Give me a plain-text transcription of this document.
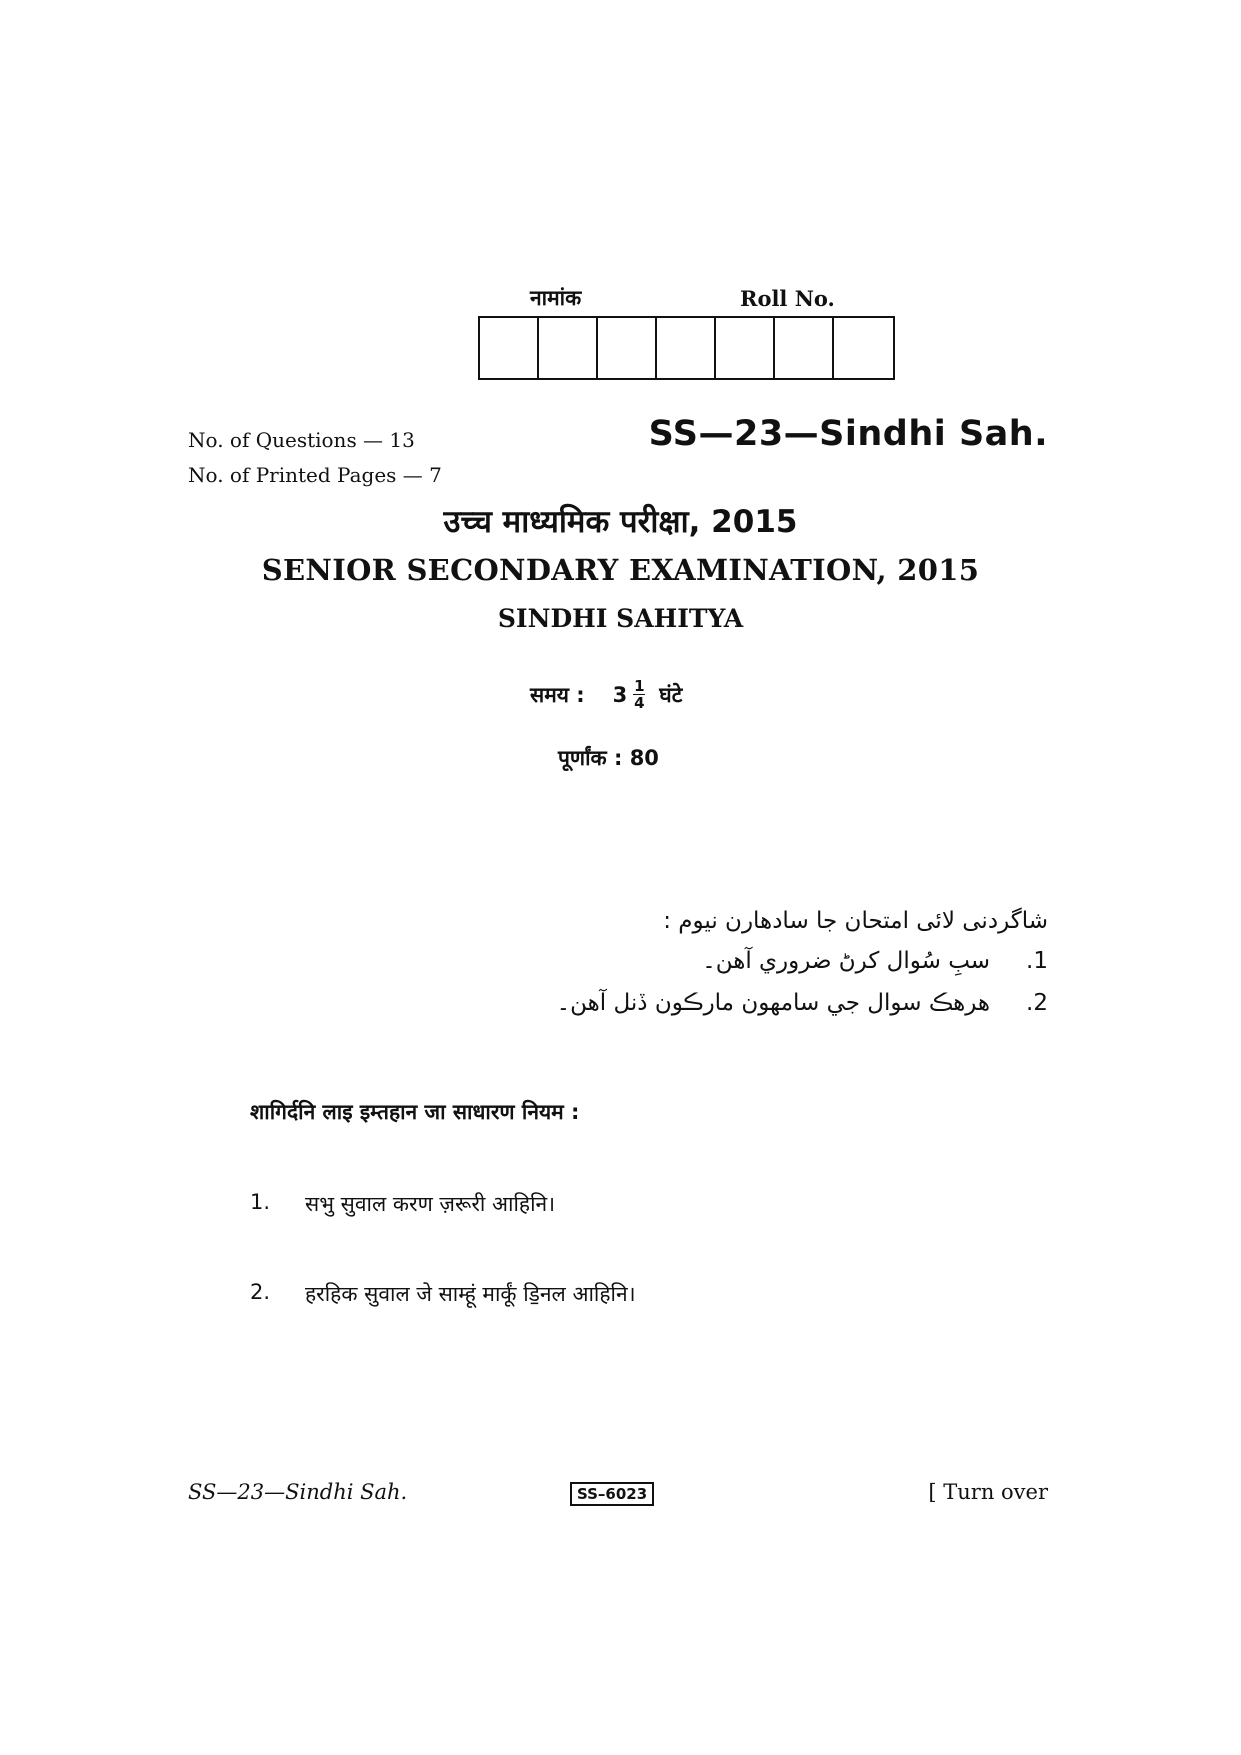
नामांक	Roll No.
No. of Questions — 13
No. of Printed Pages — 7
SS—23—Sindhi Sah.
उच्च माध्यमिक परीक्षा, 2015
SENIOR SECONDARY EXAMINATION, 2015
SINDHI SAHITYA
समय : $3 \frac{1}{4}$ घंटे
पूर्णांक : 80
شاگردنی لائی امتحان جا سادھارن نیوم :
1.
سبِ سُوال کرڻ ضروري آھن۔
2.
ھرھڪ سوال جي سامھون مارڪون ڏنل آھن۔
शागिर्दनि लाइ इम्तहान जा साधारण नियम :
1.	सभु सुवाल करण ज़रूरी आहिनि।
2.	हरहिक सुवाल जे साम्हूं मार्कूं डि॒नल आहिनि।
SS—23—Sindhi Sah.	SS–6023	[ Turn over
